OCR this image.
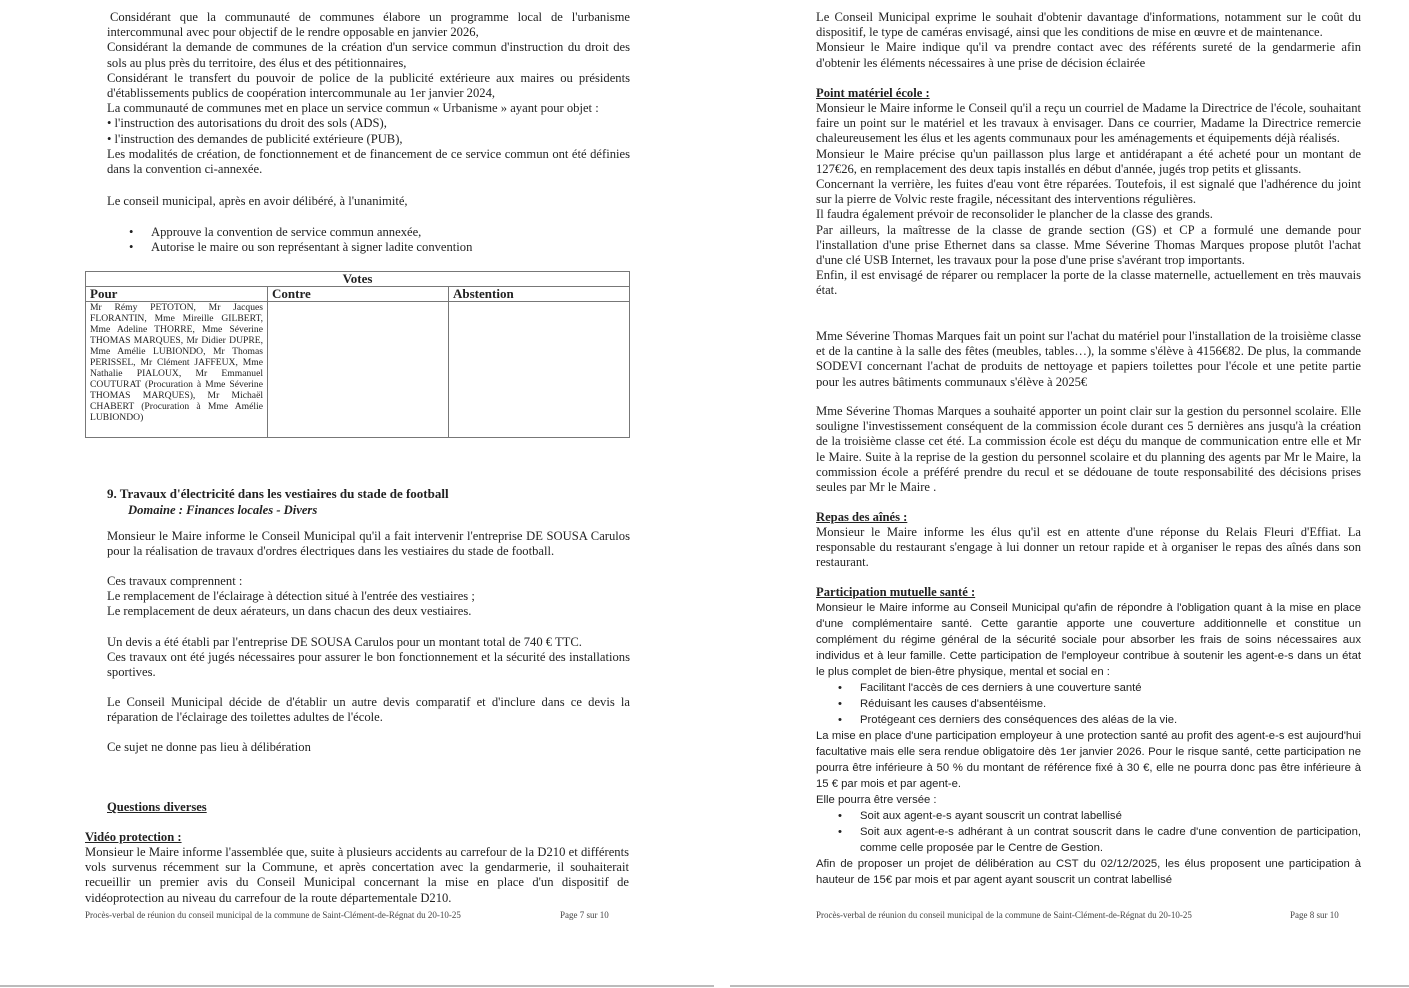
Considérant que la communauté de communes élabore un programme local de l'urbanisme intercommunal avec pour objectif de le rendre opposable en janvier 2026,

Considérant la demande de communes de la création d'un service commun d'instruction du droit des sols au plus près du territoire, des élus et des pétitionnaires,

Considérant le transfert du pouvoir de police de la publicité extérieure aux maires ou présidents d'établissements publics de coopération intercommunale au 1er janvier 2024,

La communauté de communes met en place un service commun « Urbanisme » ayant pour objet :

• l'instruction des autorisations du droit des sols (ADS),

• l'instruction des demandes de publicité extérieure (PUB),

Les modalités de création, de fonctionnement et de financement de ce service commun ont été définies dans la convention ci-annexée.

Le conseil municipal, après en avoir délibéré, à l'unanimité,

• Approuve la convention de service commun annexée,
• Autorise le maire ou son représentant à signer ladite convention
Votes		
Pour	Contre	Abstention
Mr Rémy PETOTON, Mr Jacques FLORANTIN, Mme Mireille GILBERT, Mme Adeline THORRE, Mme Séverine THOMAS MARQUES, Mr Didier DUPRE, Mme Amélie LUBIONDO, Mr Thomas PERISSEL, Mr Clément JAFFEUX, Mme Nathalie PIALOUX, Mr Emmanuel COUTURAT (Procuration à Mme Séverine THOMAS MARQUES), Mr Michaël CHABERT (Procuration à Mme Amélie LUBIONDO)		

9. Travaux d'électricité dans les vestiaires du stade de football

Domaine : Finances locales - Divers

Monsieur le Maire informe le Conseil Municipal qu'il a fait intervenir l'entreprise DE SOUSA Carulos pour la réalisation de travaux d'ordres électriques dans les vestiaires du stade de football.

Ces travaux comprennent :
Le remplacement de l'éclairage à détection situé à l'entrée des vestiaires ;
Le remplacement de deux aérateurs, un dans chacun des deux vestiaires.

Un devis a été établi par l'entreprise DE SOUSA Carulos pour un montant total de 740 € TTC.
Ces travaux ont été jugés nécessaires pour assurer le bon fonctionnement et la sécurité des installations sportives.

Le Conseil Municipal décide de d'établir un autre devis comparatif et d'inclure dans ce devis la réparation de l'éclairage des toilettes adultes de l'école.

Ce sujet ne donne pas lieu à délibération

Questions diverses

Vidéo protection :

Monsieur le Maire informe l'assemblée que, suite à plusieurs accidents au carrefour de la D210 et différents vols survenus récemment sur la Commune, et après concertation avec la gendarmerie, il souhaiterait recueillir un premier avis du Conseil Municipal concernant la mise en place d'un dispositif de vidéoprotection au niveau du carrefour de la route départementale D210.

Procès-verbal de réunion du conseil municipal de la commune de Saint-Clément-de-Régnat du 20-10-25	Page 7 sur 10

Le Conseil Municipal exprime le souhait d'obtenir davantage d'informations, notamment sur le coût du dispositif, le type de caméras envisagé, ainsi que les conditions de mise en œuvre et de maintenance.
Monsieur le Maire indique qu'il va prendre contact avec des référents sureté de la gendarmerie afin d'obtenir les éléments nécessaires à une prise de décision éclairée

Point matériel école :

Monsieur le Maire informe le Conseil qu'il a reçu un courriel de Madame la Directrice de l'école, souhaitant faire un point sur le matériel et les travaux à envisager. Dans ce courrier, Madame la Directrice remercie chaleureusement les élus et les agents communaux pour les aménagements et équipements déjà réalisés.
Monsieur le Maire précise qu'un paillasson plus large et antidérapant a été acheté pour un montant de 127€26, en remplacement des deux tapis installés en début d'année, jugés trop petits et glissants.
Concernant la verrière, les fuites d'eau vont être réparées. Toutefois, il est signalé que l'adhérence du joint sur la pierre de Volvic reste fragile, nécessitant des interventions régulières.
Il faudra également prévoir de reconsolider le plancher de la classe des grands.
Par ailleurs, la maîtresse de la classe de grande section (GS) et CP a formulé une demande pour l'installation d'une prise Ethernet dans sa classe. Mme Séverine Thomas Marques propose plutôt l'achat d'une clé USB Internet, les travaux pour la pose d'une prise s'avérant trop importants.
Enfin, il est envisagé de réparer ou remplacer la porte de la classe maternelle, actuellement en très mauvais état.

Mme Séverine Thomas Marques fait un point sur l'achat du matériel pour l'installation de la troisième classe et de la cantine à la salle des fêtes (meubles, tables…), la somme s'élève à 4156€82. De plus, la commande SODEVI concernant l'achat de produits de nettoyage et papiers toilettes pour l'école et une petite partie pour les autres bâtiments communaux s'élève à 2025€

Mme Séverine Thomas Marques a souhaité apporter un point clair sur la gestion du personnel scolaire. Elle souligne l'investissement conséquent de la commission école durant ces 5 dernières ans jusqu'à la création de la troisième classe cet été. La commission école est déçu du manque de communication entre elle et Mr le Maire. Suite à la reprise de la gestion du personnel scolaire et du planning des agents par Mr le Maire, la commission école a préféré prendre du recul et se dédouane de toute responsabilité des décisions prises seules par Mr le Maire .

Repas des aînés :

Monsieur le Maire informe les élus qu'il est en attente d'une réponse du Relais Fleuri d'Effiat. La responsable du restaurant s'engage à lui donner un retour rapide et à organiser le repas des aînés dans son restaurant.

Participation mutuelle santé :

Monsieur le Maire informe au Conseil Municipal qu'afin de répondre à l'obligation quant à la mise en place d'une complémentaire santé. Cette garantie apporte une couverture additionnelle et constitue un complément du régime général de la sécurité sociale pour absorber les frais de soins nécessaires aux individus et à leur famille. Cette participation de l'employeur contribue à soutenir les agent-e-s dans un état le plus complet de bien-être physique, mental et social en :

• Facilitant l'accès de ces derniers à une couverture santé
• Réduisant les causes d'absentéisme.
• Protégeant ces derniers des conséquences des aléas de la vie.

La mise en place d'une participation employeur à une protection santé au profit des agent-e-s est aujourd'hui facultative mais elle sera rendue obligatoire dès 1er janvier 2026. Pour le risque santé, cette participation ne pourra être inférieure à 50 % du montant de référence fixé à 30 €, elle ne pourra donc pas être inférieure à 15 € par mois et par agent-e.
Elle pourra être versée :

• Soit aux agent-e-s ayant souscrit un contrat labellisé
• Soit aux agent-e-s adhérant à un contrat souscrit dans le cadre d'une convention de participation, comme celle proposée par le Centre de Gestion.

Afin de proposer un projet de délibération au CST du 02/12/2025, les élus proposent une participation à hauteur de 15€ par mois et par agent ayant souscrit un contrat labellisé

Procès-verbal de réunion du conseil municipal de la commune de Saint-Clément-de-Régnat du 20-10-25	Page 8 sur 10
